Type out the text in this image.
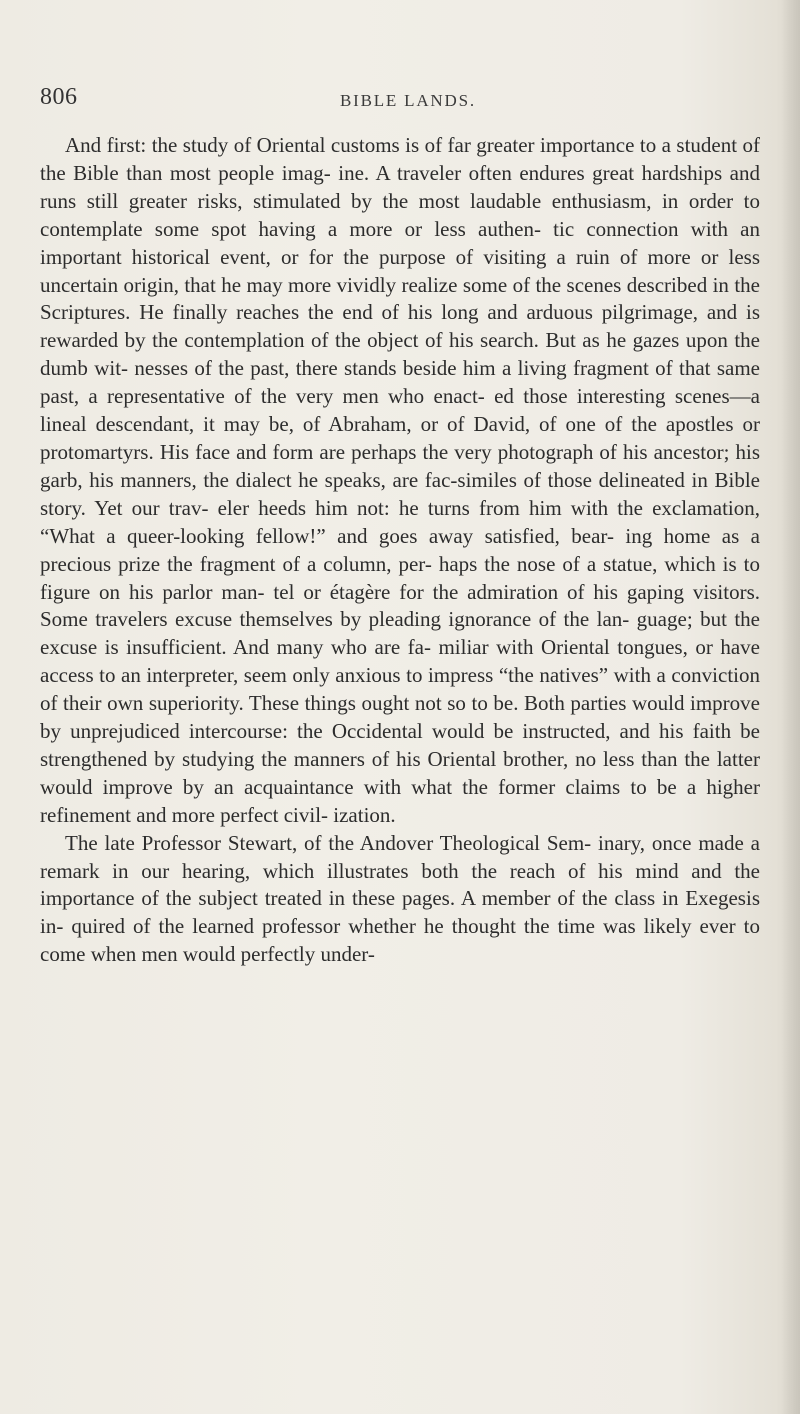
806	BIBLE LANDS.

And first: the study of Oriental customs is of far greater importance to a student of the Bible than most people imag- ine. A traveler often endures great hardships and runs still greater risks, stimulated by the most laudable enthusiasm, in order to contemplate some spot having a more or less authen- tic connection with an important historical event, or for the purpose of visiting a ruin of more or less uncertain origin, that he may more vividly realize some of the scenes described in the Scriptures. He finally reaches the end of his long and arduous pilgrimage, and is rewarded by the contemplation of the object of his search. But as he gazes upon the dumb wit- nesses of the past, there stands beside him a living fragment of that same past, a representative of the very men who enact- ed those interesting scenes—a lineal descendant, it may be, of Abraham, or of David, of one of the apostles or protomartyrs. His face and form are perhaps the very photograph of his ancestor; his garb, his manners, the dialect he speaks, are fac-similes of those delineated in Bible story. Yet our trav- eler heeds him not: he turns from him with the exclamation, “What a queer-looking fellow!” and goes away satisfied, bear- ing home as a precious prize the fragment of a column, per- haps the nose of a statue, which is to figure on his parlor man- tel or étagère for the admiration of his gaping visitors. Some travelers excuse themselves by pleading ignorance of the lan- guage; but the excuse is insufficient. And many who are fa- miliar with Oriental tongues, or have access to an interpreter, seem only anxious to impress “the natives” with a conviction of their own superiority. These things ought not so to be. Both parties would improve by unprejudiced intercourse: the Occidental would be instructed, and his faith be strengthened by studying the manners of his Oriental brother, no less than the latter would improve by an acquaintance with what the former claims to be a higher refinement and more perfect civil- ization.

The late Professor Stewart, of the Andover Theological Sem- inary, once made a remark in our hearing, which illustrates both the reach of his mind and the importance of the subject treated in these pages. A member of the class in Exegesis in- quired of the learned professor whether he thought the time was likely ever to come when men would perfectly under-
